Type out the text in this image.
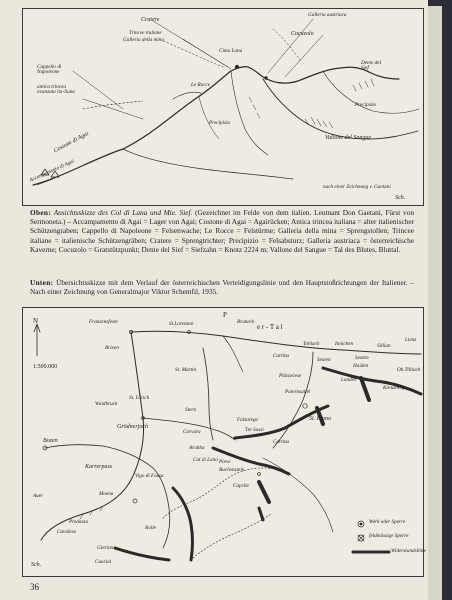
Cratere
Trincee italiane
Galleria della mina
Galleria austriaca
Cima Lana
Cocuzolo
Dente del Sief
Cappello di Napoleone
antica trincea avanzata ita-liana
Le Rocce
Precipizio
Precipizio
Vallone del Sangue
Costone di Agai
Accampamento di Agai
nach einer Zeichnung v. Gaetani
Sch.
Oben: Ansichtsskizze des Col di Lana und Mte. Sief. (Gezeichnet im Felde von dem italien. Leutnant Don Gaetani, Fürst von Sermoneta.) – Accampamento di Agai = Lager von Agai; Costone di Agai = Agairücken; Antica trincea italiana = alter italienischer Schützengraben; Cappello di Napoleone = Felsenwache; Le Rocce = Felstürme; Galleria della mina = Sprengstollen; Trincee italiane = italienische Schützengräben; Cratere = Sprengtrichter; Precipizio = Felsabsturz; Galleria austriaca = österreichische Kaverne; Cocuzolo = Gratstützpunkt; Dente del Sief = Siefzahn = Knotz 2224 m; Vallone del Sangue = Tal des Blutes, Bluttal.
Unten: Übersichtsskizze mit dem Verlauf der österreichischen Verteidigungslinie und den Hauptstoßrichtungen der Italiener. – Nach einer Zeichnung von Generalmajor Viktor Schemfil, 1935.
N
1:500.000
Franzensfeste	St.Lorenzen
P
Bruneck
e r - T a l
Toblach	Innichen	Sillian
Lienz
Brixen
St. Martin
Cortina
Sexten
Landro
Plätzwiese
Paternsattel
Sexten
Haiden
Kreuzberg
Ob.Tilliach
St. Ulrich
Waidbruck
Stern
Grödnerjoch
Corvara	Tre Sassi
Falzarego
Bozen
Karrerpass
Vigo di Fassa
Moena
Arabba
Col di Lana Pieve
Cortina
St. Piano
Auer
Predazzo
Cavalese
Rolle
Glerion
Caurial
Caprile
Buchenstein
Werk oder Sperre
feldmässige Sperre
Widerstandslinie
Sch.
36
